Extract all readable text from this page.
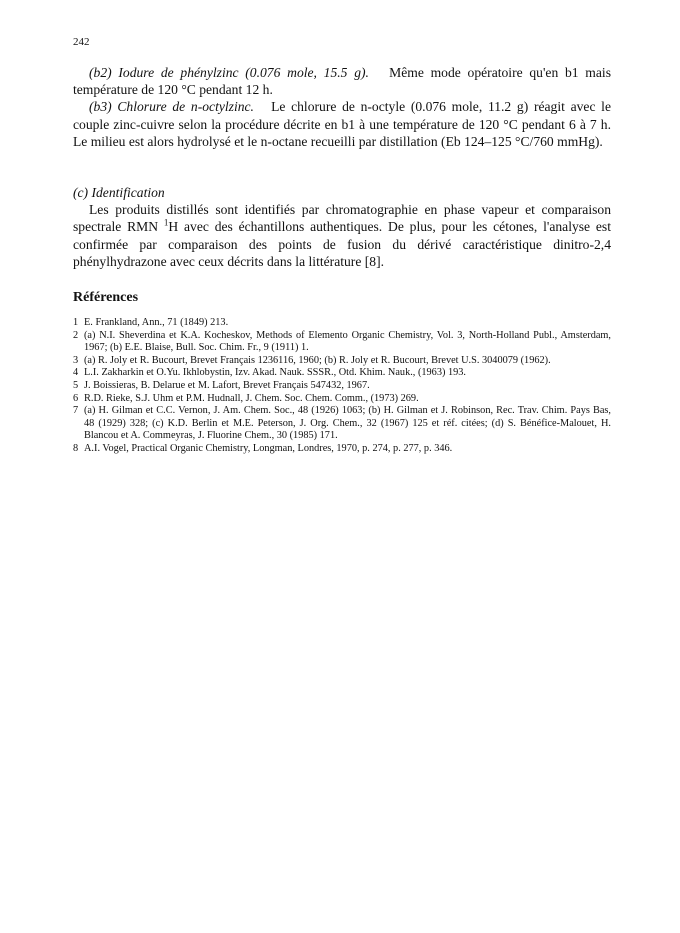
242

(b2) Iodure de phénylzinc (0.076 mole, 15.5 g). Même mode opératoire qu'en b1 mais température de 120 °C pendant 12 h.

(b3) Chlorure de n-octylzinc. Le chlorure de n-octyle (0.076 mole, 11.2 g) réagit avec le couple zinc-cuivre selon la procédure décrite en b1 à une température de 120 °C pendant 6 à 7 h. Le milieu est alors hydrolysé et le n-octane recueilli par distillation (Eb 124–125 °C/760 mmHg).

(c) Identification

Les produits distillés sont identifiés par chromatographie en phase vapeur et comparaison spectrale RMN $^1$H avec des échantillons authentiques. De plus, pour les cétones, l'analyse est confirmée par comparaison des points de fusion du dérivé caractéristique dinitro-2,4 phénylhydrazone avec ceux décrits dans la littérature [8].

Références
1 E. Frankland, Ann., 71 (1849) 213.
2 (a) N.I. Sheverdina et K.A. Kocheskov, Methods of Elemento Organic Chemistry, Vol. 3, North-Holland Publ., Amsterdam, 1967; (b) E.E. Blaise, Bull. Soc. Chim. Fr., 9 (1911) 1.
3 (a) R. Joly et R. Bucourt, Brevet Français 1236116, 1960; (b) R. Joly et R. Bucourt, Brevet U.S. 3040079 (1962).
4 L.I. Zakharkin et O.Yu. Ikhlobystin, Izv. Akad. Nauk. SSSR., Otd. Khim. Nauk., (1963) 193.
5 J. Boissieras, B. Delarue et M. Lafort, Brevet Français 547432, 1967.
6 R.D. Rieke, S.J. Uhm et P.M. Hudnall, J. Chem. Soc. Chem. Comm., (1973) 269.
7 (a) H. Gilman et C.C. Vernon, J. Am. Chem. Soc., 48 (1926) 1063; (b) H. Gilman et J. Robinson, Rec. Trav. Chim. Pays Bas, 48 (1929) 328; (c) K.D. Berlin et M.E. Peterson, J. Org. Chem., 32 (1967) 125 et réf. citées; (d) S. Bénéfice-Malouet, H. Blancou et A. Commeyras, J. Fluorine Chem., 30 (1985) 171.
8 A.I. Vogel, Practical Organic Chemistry, Longman, Londres, 1970, p. 274, p. 277, p. 346.
